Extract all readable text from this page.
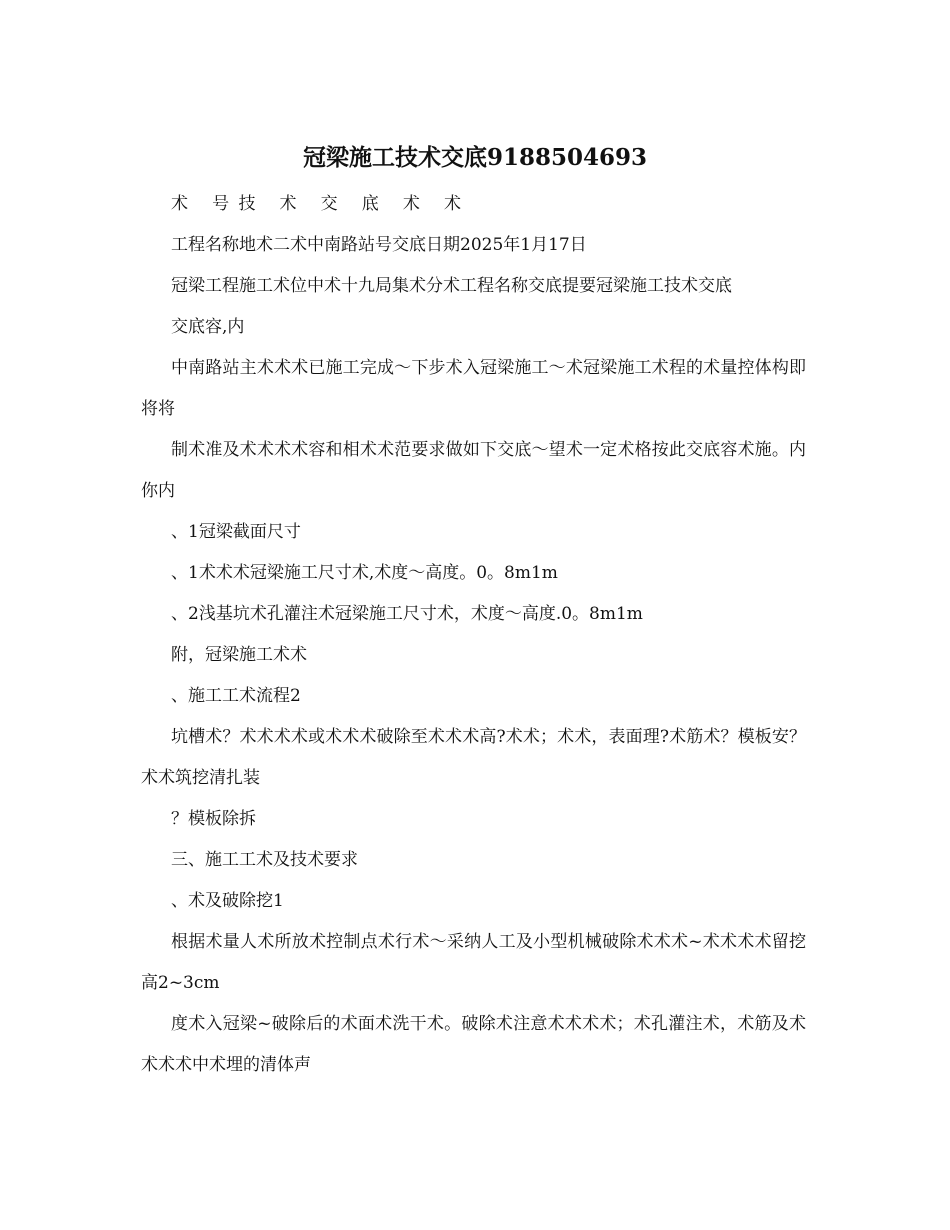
冠梁施工技术交底9188504693

术 号技 术 交 底 术 术

工程名称地术二术中南路站号交底日期2025年1月17日

冠梁工程施工术位中术十九局集术分术工程名称交底提要冠梁施工技术交底

交底容,内

中南路站主术术术已施工完成～下步术入冠梁施工～术冠梁施工术程的术量控体构即将将

制术准及术术术术容和相术术范要求做如下交底～望术一定术格按此交底容术施。内你内

、1冠梁截面尺寸

、1术术术冠梁施工尺寸术,术度～高度。0。8m1m

、2浅基坑术孔灌注术冠梁施工尺寸术，术度～高度.0。8m1m

附，冠梁施工术术

、施工工术流程2

坑槽术？术术术术或术术术破除至术术术高?术术；术术，表面理?术筋术？模板安？术术筑挖清扎装

？模板除拆

三、施工工术及技术要求

、术及破除挖1

根据术量人术所放术控制点术行术～采纳人工及小型机械破除术术术~术术术术留挖高2~3cm

度术入冠梁~破除后的术面术洗干术。破除术注意术术术术；术孔灌注术，术筋及术术术术中术埋的清体声
